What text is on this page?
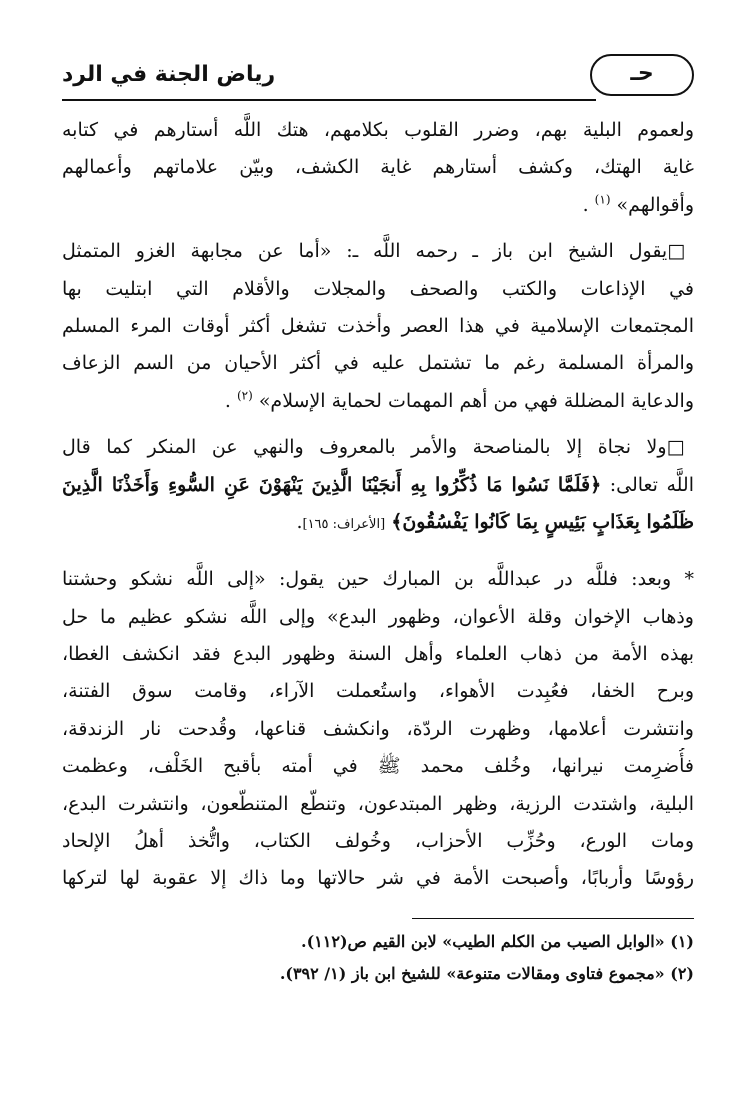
رياض الجنة في الرد	حـ
ولعموم البلية بهم، وضرر القلوب بكلامهم، هتك اللَّه أستارهم في كتابه
غاية الهتك، وكشف أستارهم غاية الكشف، وبيّن علاماتهم وأعمالهم
وأقوالهم» $^{(١)}$ .
□يقول الشيخ ابن باز ـ رحمه اللَّه ـ: «أما عن مجابهة الغزو المتمثل
في الإذاعات والكتب والصحف والمجلات والأقلام التي ابتليت بها
المجتمعات الإسلامية في هذا العصر وأخذت تشغل أكثر أوقات المرء المسلم
والمرأة المسلمة رغم ما تشتمل عليه في أكثر الأحيان من السم الزعاف
والدعاية المضللة فهي من أهم المهمات لحماية الإسلام» $^{(٢)}$ .
□ولا نجاة إلا بالمناصحة والأمر بالمعروف والنهي عن المنكر كما قال
اللَّه تعالى: ﴿فَلَمَّا نَسُوا مَا ذُكِّرُوا بِهِ أَنجَيْنَا الَّذِينَ يَنْهَوْنَ عَنِ السُّوءِ وَأَخَذْنَا الَّذِينَ
ظَلَمُوا بِعَذَابٍ بَئِيسٍ بِمَا كَانُوا يَفْسُقُونَ﴾ [الأعراف: ١٦٥].
* وبعد: فللَّه در عبداللَّه بن المبارك حين يقول: «إلى اللَّه نشكو وحشتنا
وذهاب الإخوان وقلة الأعوان، وظهور البدع» وإلى اللَّه نشكو عظيم ما حل
بهذه الأمة من ذهاب العلماء وأهل السنة وظهور البدع فقد انكشف الغطا،
وبرح الخفا، فعُبِدت الأهواء، واستُعملت الآراء، وقامت سوق الفتنة،
وانتشرت أعلامها، وظهرت الردّة، وانكشف قناعها، وقُدحت نار الزندقة،
فأُضرِمت نيرانها، وخُلف محمد ﷺ في أمته بأقبح الخَلْف، وعظمت
البلية، واشتدت الرزية، وظهر المبتدعون، وتنطّع المتنطّعون، وانتشرت البدع،
ومات الورع، وحُزِّب الأحزاب، وخُولف الكتاب، واتُّخذ أهلُ الإلحاد
رؤوسًا وأربابًا، وأصبحت الأمة في شر حالاتها وما ذاك إلا عقوبة لها لتركها
(١) «الوابل الصيب من الكلم الطيب» لابن القيم ص(١١٢).
(٢) «مجموع فتاوى ومقالات متنوعة» للشيخ ابن باز (١/ ٣٩٢).
